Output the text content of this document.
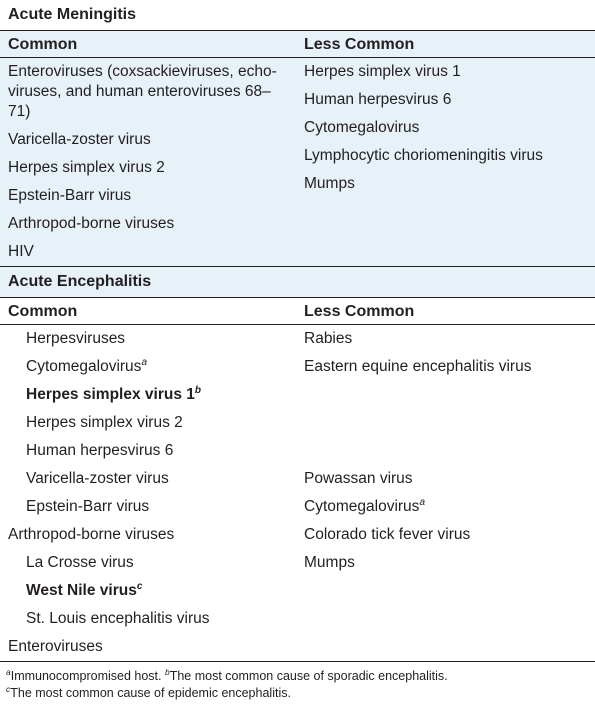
Acute Meningitis
Common	Less Common
Enteroviruses (coxsackieviruses, echoviruses, and human enteroviruses 68–71)
Varicella-zoster virus
Herpes simplex virus 2
Epstein-Barr virus
Arthropod-borne viruses
HIV
Herpes simplex virus 1
Human herpesvirus 6
Cytomegalovirus
Lymphocytic choriomeningitis virus
Mumps
Acute Encephalitis
Common	Less Common
Herpesviruses
Cytomegalovirus$^a$
Herpes simplex virus 1$^b$
Herpes simplex virus 2
Human herpesvirus 6
Varicella-zoster virus
Epstein-Barr virus
Arthropod-borne viruses
La Crosse virus
West Nile virus$^c$
St. Louis encephalitis virus
Enteroviruses
Rabies
Eastern equine encephalitis virus
Powassan virus
Cytomegalovirus$^a$
Colorado tick fever virus
Mumps
$^a$Immunocompromised host. $^b$The most common cause of sporadic encephalitis.
$^c$The most common cause of epidemic encephalitis.
